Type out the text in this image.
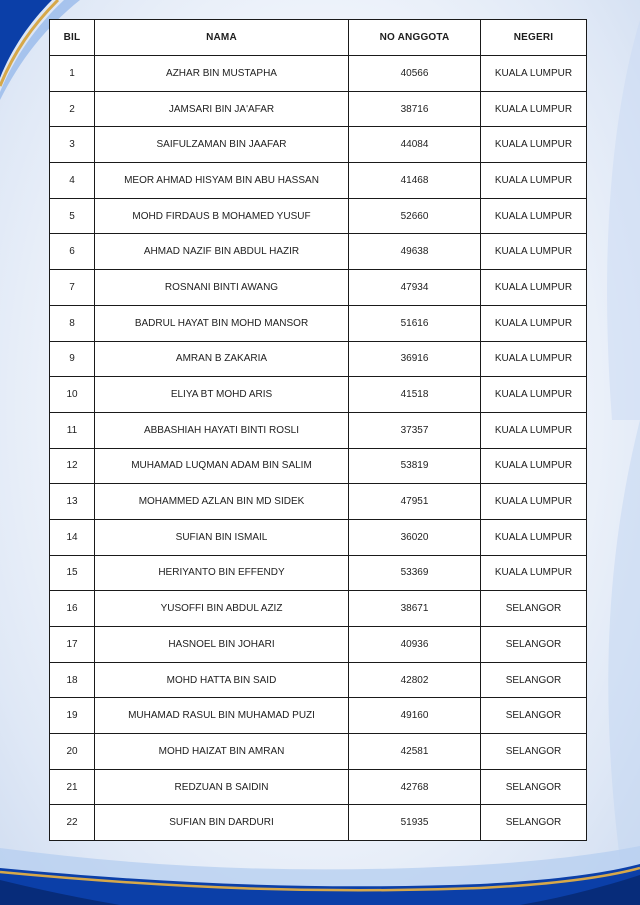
BIL	NAMA	NO ANGGOTA	NEGERI
1	AZHAR BIN MUSTAPHA	40566	KUALA LUMPUR
2	JAMSARI BIN JA'AFAR	38716	KUALA LUMPUR
3	SAIFULZAMAN BIN JAAFAR	44084	KUALA LUMPUR
4	MEOR AHMAD HISYAM BIN ABU HASSAN	41468	KUALA LUMPUR
5	MOHD FIRDAUS B MOHAMED YUSUF	52660	KUALA LUMPUR
6	AHMAD NAZIF BIN ABDUL HAZIR	49638	KUALA LUMPUR
7	ROSNANI BINTI AWANG	47934	KUALA LUMPUR
8	BADRUL HAYAT BIN MOHD MANSOR	51616	KUALA LUMPUR
9	AMRAN B ZAKARIA	36916	KUALA LUMPUR
10	ELIYA BT MOHD ARIS	41518	KUALA LUMPUR
11	ABBASHIAH HAYATI BINTI ROSLI	37357	KUALA LUMPUR
12	MUHAMAD LUQMAN ADAM BIN SALIM	53819	KUALA LUMPUR
13	MOHAMMED AZLAN BIN MD SIDEK	47951	KUALA LUMPUR
14	SUFIAN BIN ISMAIL	36020	KUALA LUMPUR
15	HERIYANTO BIN EFFENDY	53369	KUALA LUMPUR
16	YUSOFFI BIN ABDUL AZIZ	38671	SELANGOR
17	HASNOEL BIN JOHARI	40936	SELANGOR
18	MOHD HATTA BIN SAID	42802	SELANGOR
19	MUHAMAD RASUL BIN MUHAMAD PUZI	49160	SELANGOR
20	MOHD HAIZAT BIN AMRAN	42581	SELANGOR
21	REDZUAN B SAIDIN	42768	SELANGOR
22	SUFIAN BIN DARDURI	51935	SELANGOR
